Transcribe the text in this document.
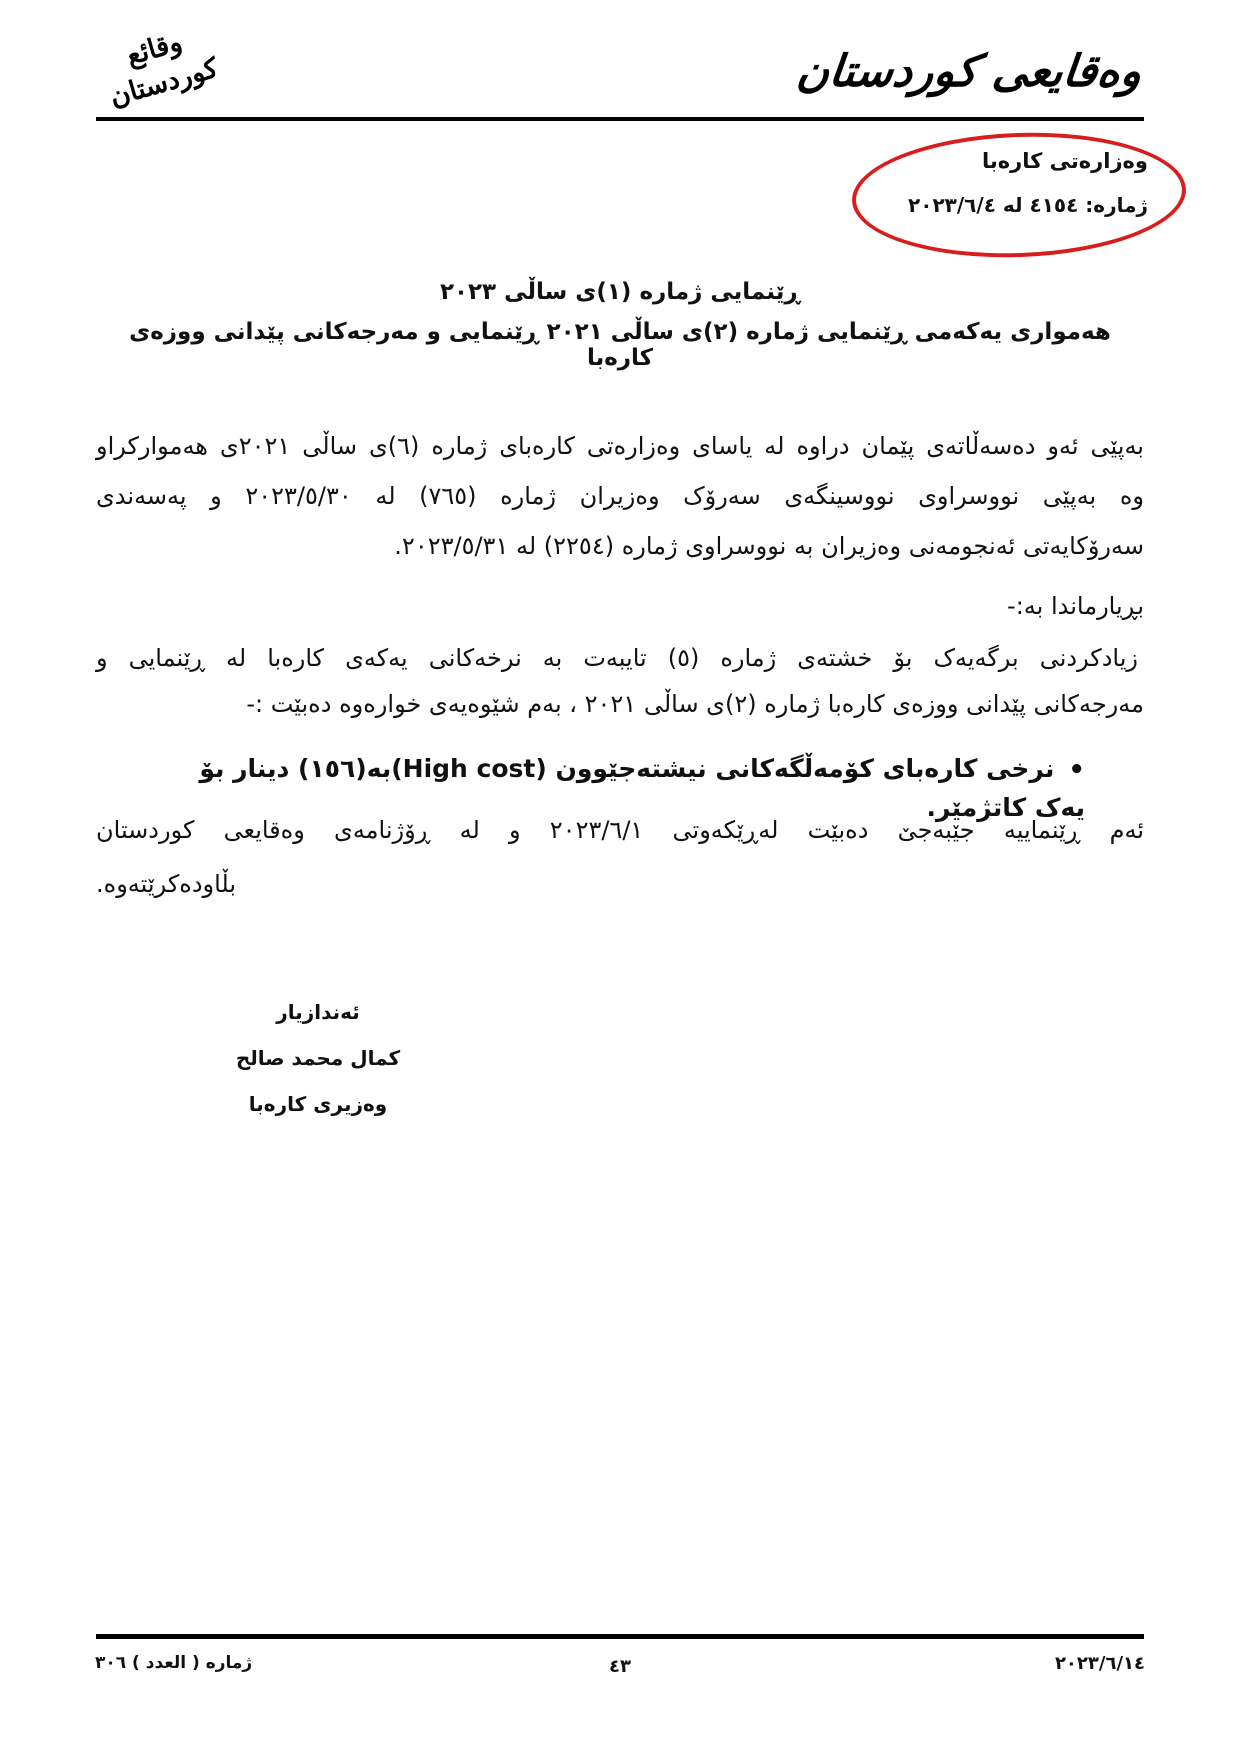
وقائع كوردستان	وەقايعی كوردستان
وەزارەتی کارەبا
ژمارە: ٤١٥٤ لە ٢٠٢٣/٦/٤
ڕێنمایی ژمارە (١)ی ساڵی ٢٠٢٣
هەمواری یەکەمی ڕێنمایی ژمارە (٢)ی ساڵی ٢٠٢١ ڕێنمایی و مەرجەکانی پێدانی ووزەی کارەبا
بەپێی ئەو دەسەڵاتەی پێمان دراوە لە یاسای وەزارەتی کارەبای ژمارە (٦)ی ساڵی ٢٠٢١ی هەموارکراو
وە بەپێی نووسراوی نووسینگەی سەرۆک وەزیران ژمارە (٧٦٥) لە ٢٠٢٣/٥/٣٠ و پەسەندی
سەرۆکایەتی ئەنجومەنی وەزیران بە نووسراوی ژمارە (٢٢٥٤) لە ٢٠٢٣/٥/٣١.
بڕیارماندا بە:-
زیادکردنی برگەیەک بۆ خشتەی ژمارە (٥) تایبەت بە نرخەکانی یەکەی کارەبا لە ڕێنمایی و
مەرجەکانی پێدانی ووزەی کارەبا ژمارە (٢)ی ساڵی ٢٠٢١ ، بەم شێوەیەی خوارەوە دەبێت :-
•نرخی کارەبای کۆمەڵگەکانی نیشتەجێوون (High cost)بە(١٥٦) دینار بۆ یەک کاتژمێر.
ئەم ڕێنماییە جێبەجێ دەبێت لەڕێکەوتی ٢٠٢٣/٦/١ و لە ڕۆژنامەی وەقایعی کوردستان
بڵاودەکرێتەوە.
ئەندازیار
كمال محمد صالح
وەزیری کارەبا
٢٠٢٣/٦/١٤
٤٣
ژمارە ( العدد ) ٣٠٦
